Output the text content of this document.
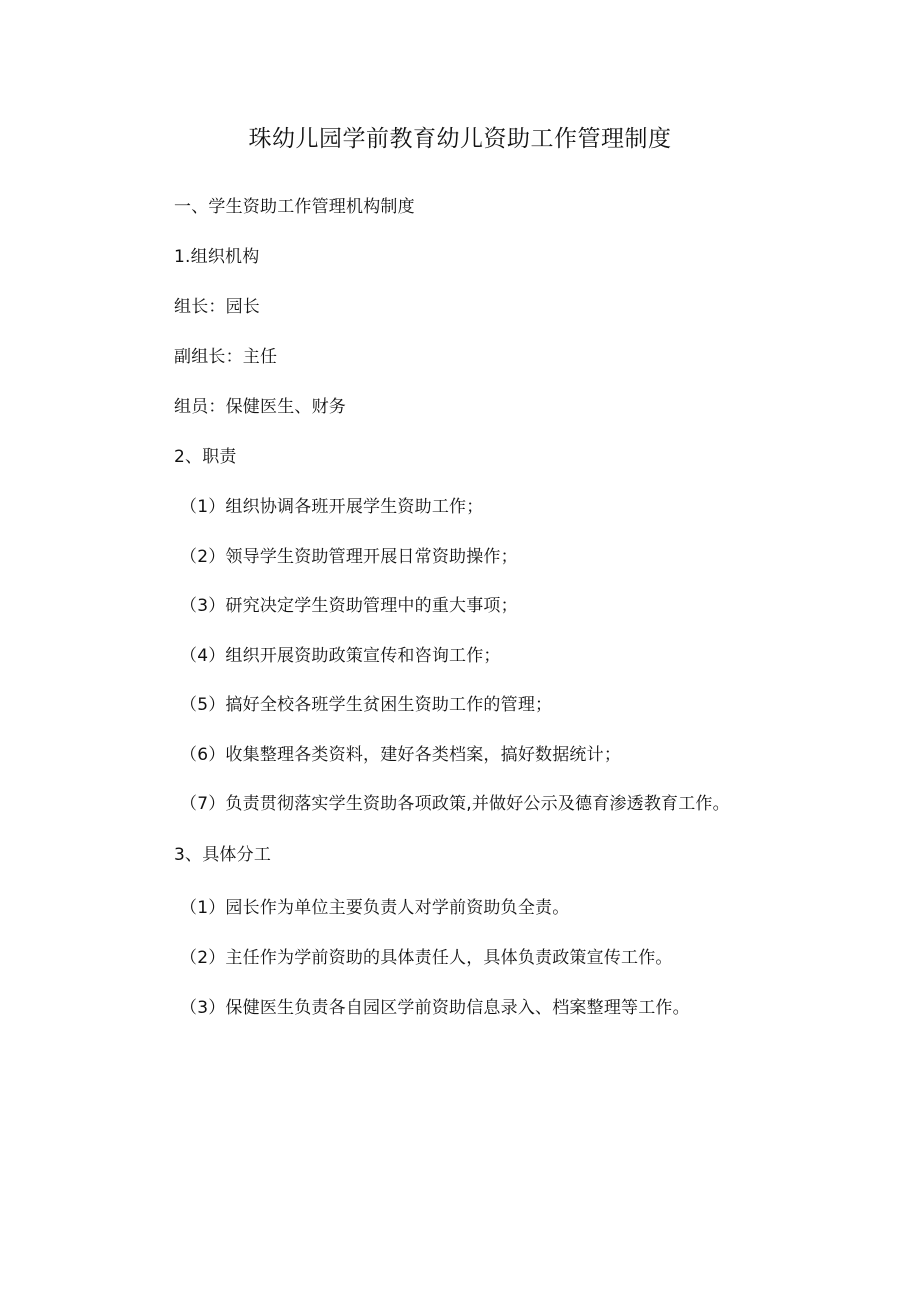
珠幼儿园学前教育幼儿资助工作管理制度
一、学生资助工作管理机构制度
1.组织机构
组长：园长
副组长：主任
组员：保健医生、财务
2、职责
（1）组织协调各班开展学生资助工作；
（2）领导学生资助管理开展日常资助操作；
（3）研究决定学生资助管理中的重大事项；
（4）组织开展资助政策宣传和咨询工作；
（5）搞好全校各班学生贫困生资助工作的管理；
（6）收集整理各类资料，建好各类档案，搞好数据统计；
（7）负责贯彻落实学生资助各项政策,并做好公示及德育渗透教育工作。
3、具体分工
（1）园长作为单位主要负责人对学前资助负全责。
（2）主任作为学前资助的具体责任人，具体负责政策宣传工作。
（3）保健医生负责各自园区学前资助信息录入、档案整理等工作。
